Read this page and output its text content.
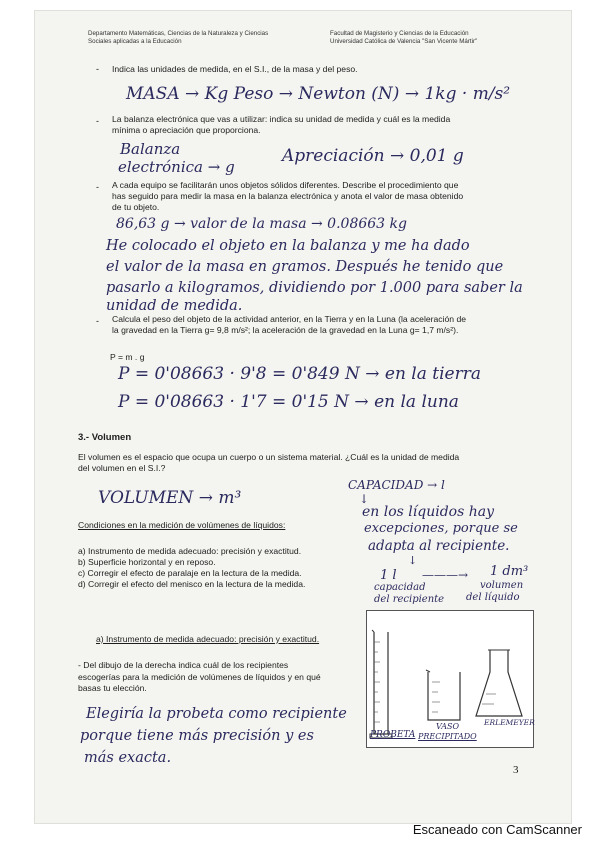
Departamento Matemáticas, Ciencias de la Naturaleza y Ciencias
Sociales aplicadas a la Educación
Facultad de Magisterio y Ciencias de la Educación
Universidad Católica de Valencia "San Vicente Mártir"
- Indica las unidades de medida, en el S.I., de la masa y del peso.
MASA → Kg Peso → Newton (N) → 1kg · m/s²
- La balanza electrónica que vas a utilizar: indica su unidad de medida y cuál es la medida
mínima o apreciación que proporciona.
Balanza
electrónica → g
Apreciación → 0,01 g
- A cada equipo se facilitarán unos objetos sólidos diferentes. Describe el procedimiento que
has seguido para medir la masa en la balanza electrónica y anota el valor de masa obtenido
de tu objeto.
86,63 g → valor de la masa → 0.08663 kg
He colocado el objeto en la balanza y me ha dado
el valor de la masa en gramos. Después he tenido que
pasarlo a kilogramos, dividiendo por 1.000 para saber la
unidad de medida.
- Calcula el peso del objeto de la actividad anterior, en la Tierra y en la Luna (la aceleración de
la gravedad en la Tierra g= 9,8 m/s²; la aceleración de la gravedad en la Luna g= 1,7 m/s²).
P = m . g
P = 0'08663 · 9'8 = 0'849 N → en la tierra
P = 0'08663 · 1'7 = 0'15 N → en la luna
3.- Volumen
El volumen es el espacio que ocupa un cuerpo o un sistema material. ¿Cuál es la unidad de medida
del volumen en el S.I.?
VOLUMEN → m³
CAPACIDAD → l
↓
en los líquidos hay
excepciones, porque se
adapta al recipiente.
↓
1 l ———→ 1 dm³
capacidad
del recipiente
volumen
del líquido
Condiciones en la medición de volúmenes de líquidos:
a) Instrumento de medida adecuado: precisión y exactitud.
b) Superficie horizontal y en reposo.
c) Corregir el efecto de paralaje en la lectura de la medida.
d) Corregir el efecto del menisco en la lectura de la medida.
a) Instrumento de medida adecuado: precisión y exactitud.
- Del dibujo de la derecha indica cuál de los recipientes
escogerías para la medición de volúmenes de líquidos y en qué
basas tu elección.
Elegiría la probeta como recipiente
porque tiene más precisión y es
más exacta.
PROBETA
VASO
PRECIPITADO
ERLEMEYER
3
Escaneado con CamScanner
